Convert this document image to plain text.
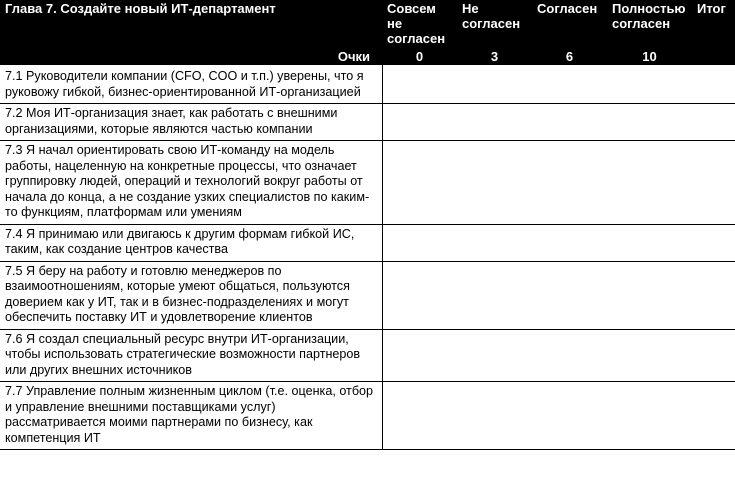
Глава 7. Создайте новый ИТ-департамент	Совсем не согласен	Не согласен	Согласен	Полностью согласен	Итог
Очки	0	3	6	10	
7.1 Руководители компании (CFO, COO и т.п.) уверены, что я руковожу гибкой, бизнес-ориентированной ИТ-организацией					
7.2 Моя ИТ-организация знает, как работать с внешними организациями, которые являются частью компании					
7.3 Я начал ориентировать свою ИТ-команду на модель работы, нацеленную на конкретные процессы, что означает группировку людей, операций и технологий вокруг работы от начала до конца, а не создание узких специалистов по каким-то функциям, платформам или умениям					
7.4 Я принимаю или двигаюсь к другим формам гибкой ИС, таким, как создание центров качества					
7.5 Я беру на работу и готовлю менеджеров по взаимоотношениям, которые умеют общаться, пользуются доверием как у ИТ, так и в бизнес-подразделениях и могут обеспечить поставку ИТ и удовлетворение клиентов					
7.6 Я создал специальный ресурс внутри ИТ-организации, чтобы использовать стратегические возможности партнеров или других внешних источников					
7.7 Управление полным жизненным циклом (т.е. оценка, отбор и управление внешними поставщиками услуг) рассматривается моими партнерами по бизнесу, как компетенция ИТ					
